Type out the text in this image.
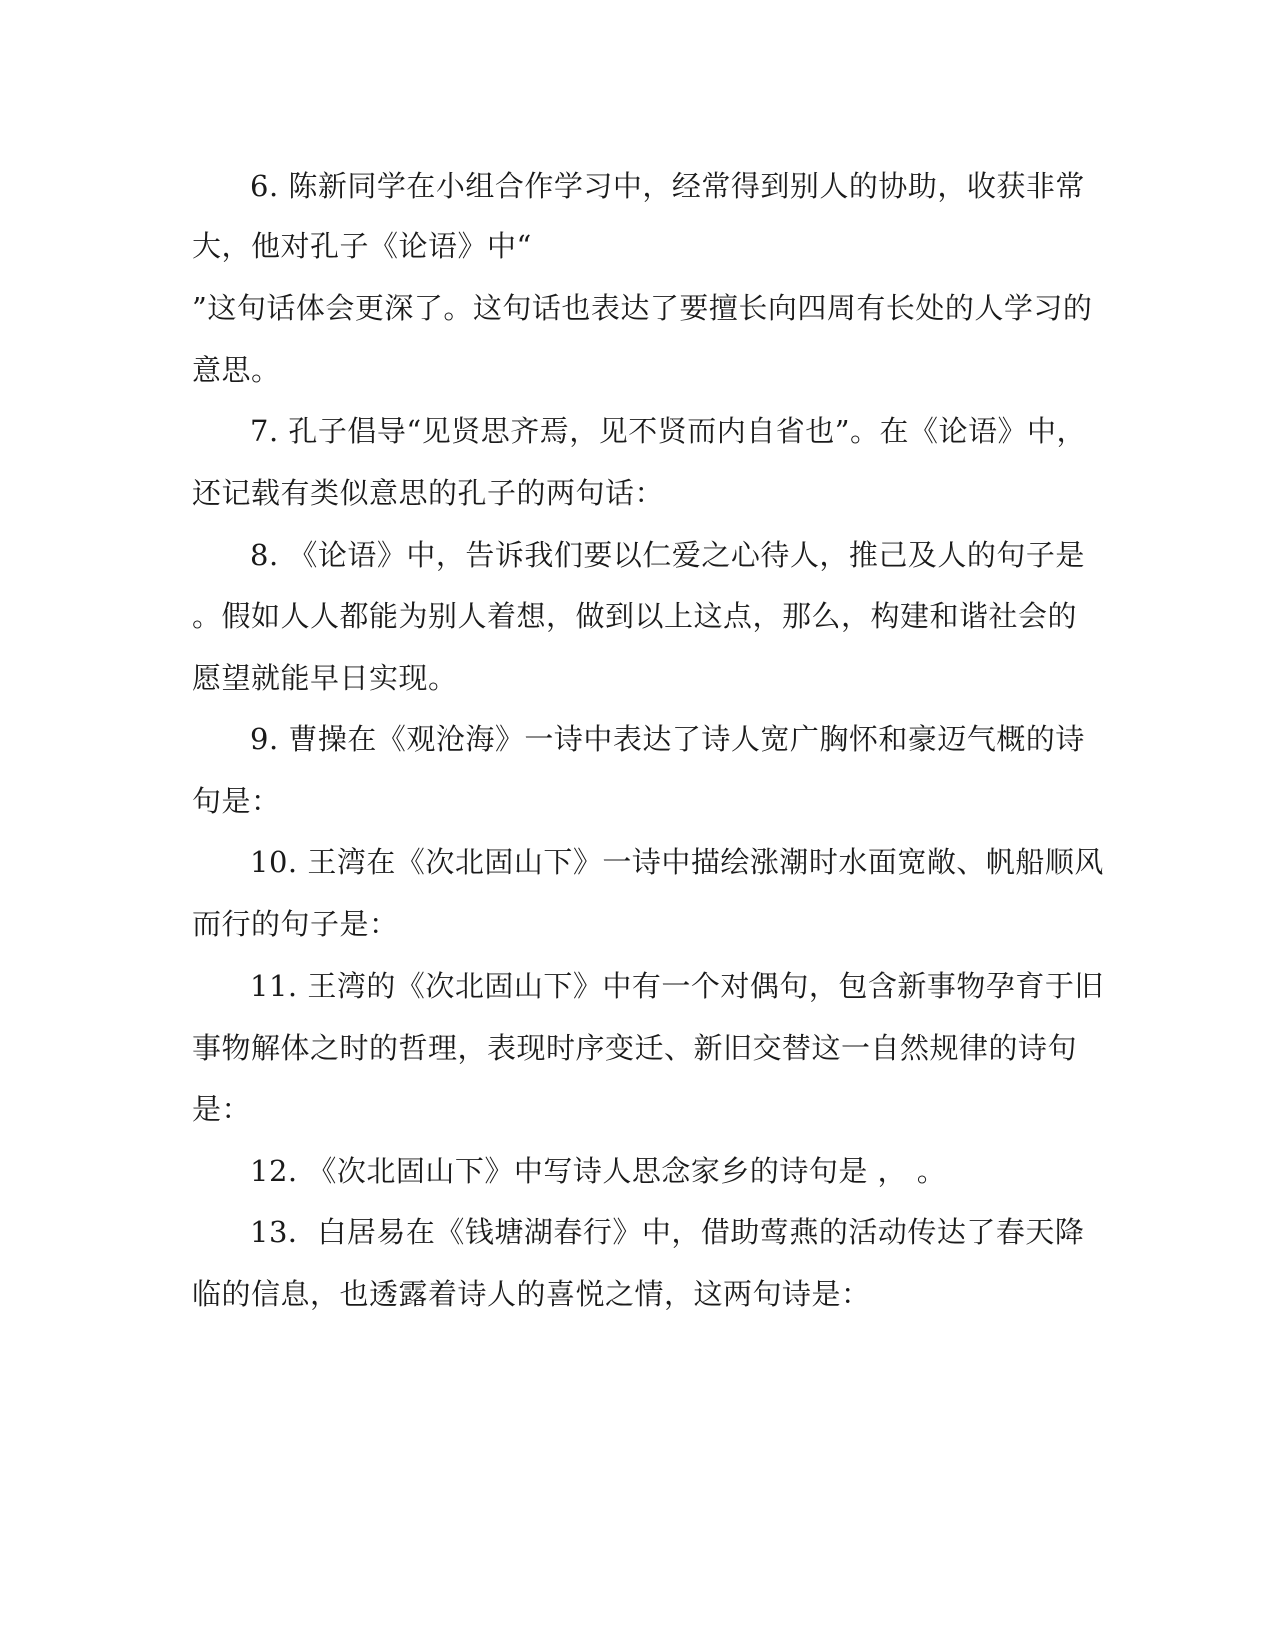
6. 陈新同学在小组合作学习中，经常得到别人的协助，收获非常
大，他对孔子《论语》中“
”这句话体会更深了。这句话也表达了要擅长向四周有长处的人学习的
意思。
7. 孔子倡导“见贤思齐焉，见不贤而内自省也”。在《论语》中，
还记载有类似意思的孔子的两句话：
8. 《论语》中，告诉我们要以仁爱之心待人，推己及人的句子是
。假如人人都能为别人着想，做到以上这点，那么，构建和谐社会的
愿望就能早日实现。
9. 曹操在《观沧海》一诗中表达了诗人宽广胸怀和豪迈气概的诗
句是：
10. 王湾在《次北固山下》一诗中描绘涨潮时水面宽敞、帆船顺风
而行的句子是：
11. 王湾的《次北固山下》中有一个对偶句，包含新事物孕育于旧
事物解体之时的哲理，表现时序变迁、新旧交替这一自然规律的诗句
是：
12. 《次北固山下》中写诗人思念家乡的诗句是 ， 。
13．白居易在《钱塘湖春行》中，借助莺燕的活动传达了春天降
临的信息，也透露着诗人的喜悦之情，这两句诗是：
